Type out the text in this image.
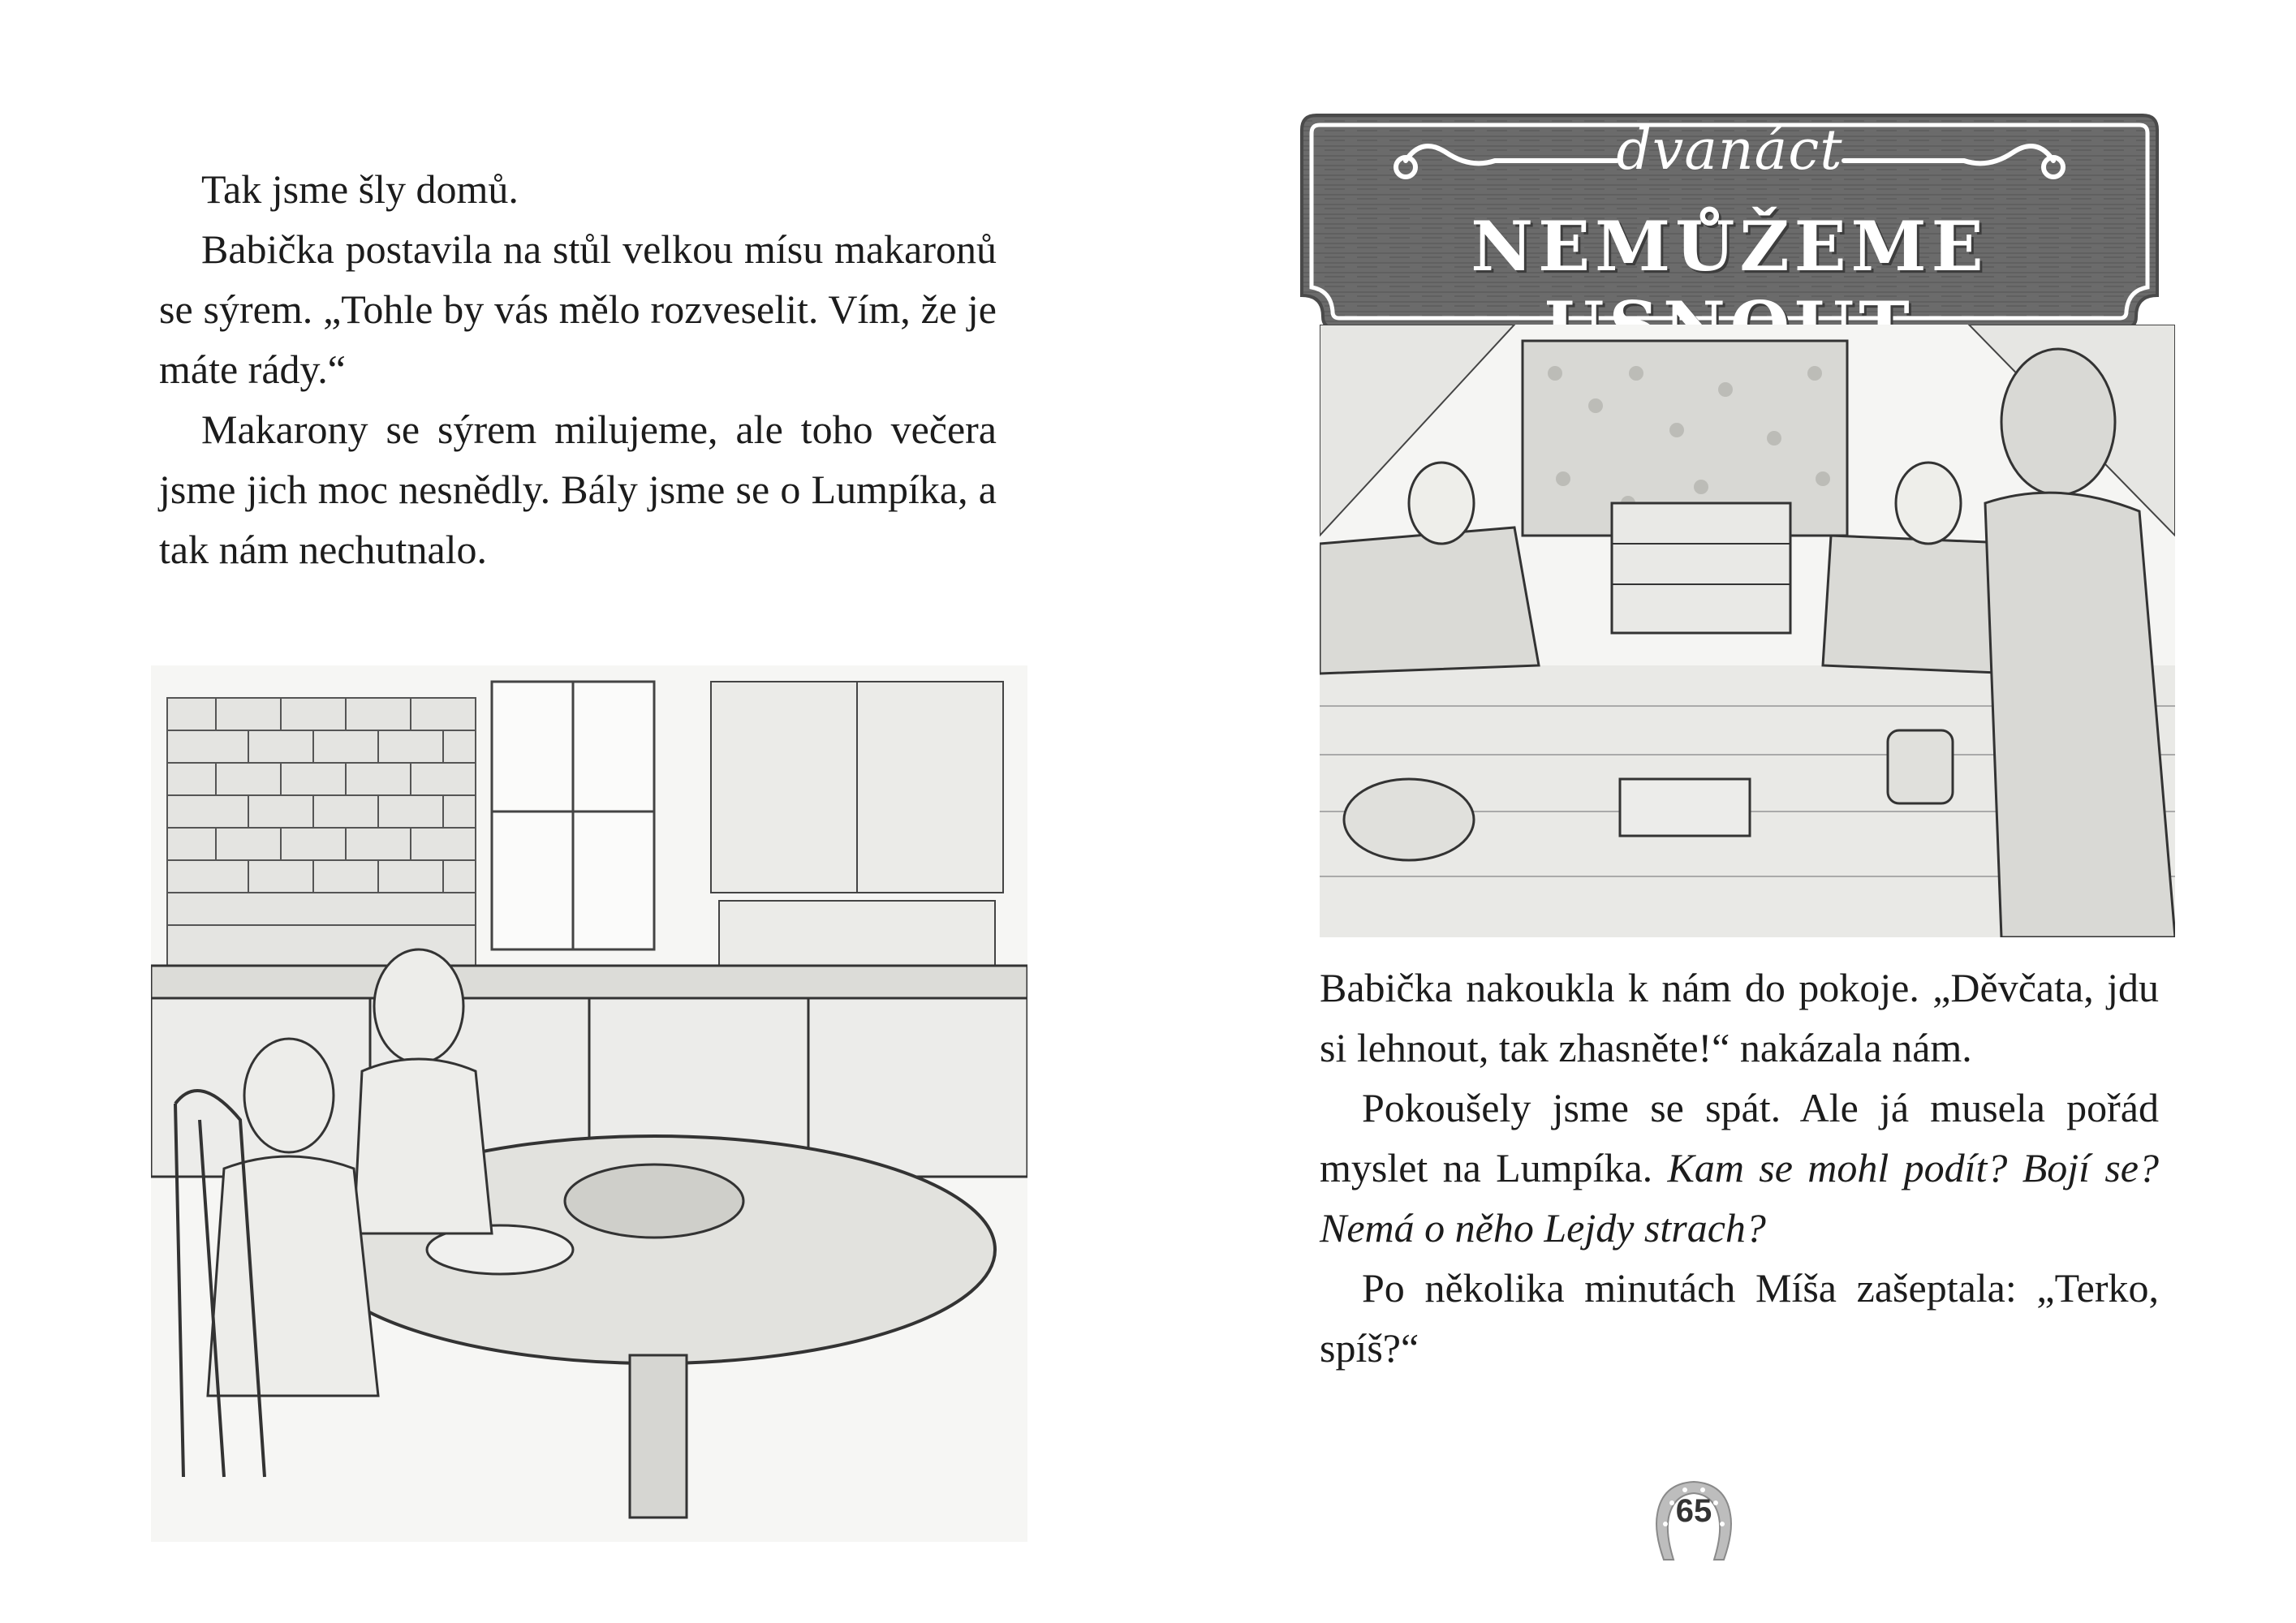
Tak jsme šly domů.

Babička postavila na stůl velkou mísu makaronů se sýrem. „Tohle by vás mělo rozveselit. Vím, že je máte rády.“

Makarony se sýrem milujeme, ale toho večera jsme jich moc nesnědly. Bály jsme se o Lumpíka, a tak nám nechutnalo.

dvanáct
NEMŮŽEME

Babička nakoukla k nám do pokoje. „Děvčata, jdu si lehnout, tak zhasněte!“ nakázala nám.

Pokoušely jsme se spát. Ale já musela pořád myslet na Lumpíka. Kam se mohl podít? Bojí se? Nemá o něho Lejdy strach?

Po několika minutách Míša zašeptala: „Terko, spíš?“

65
